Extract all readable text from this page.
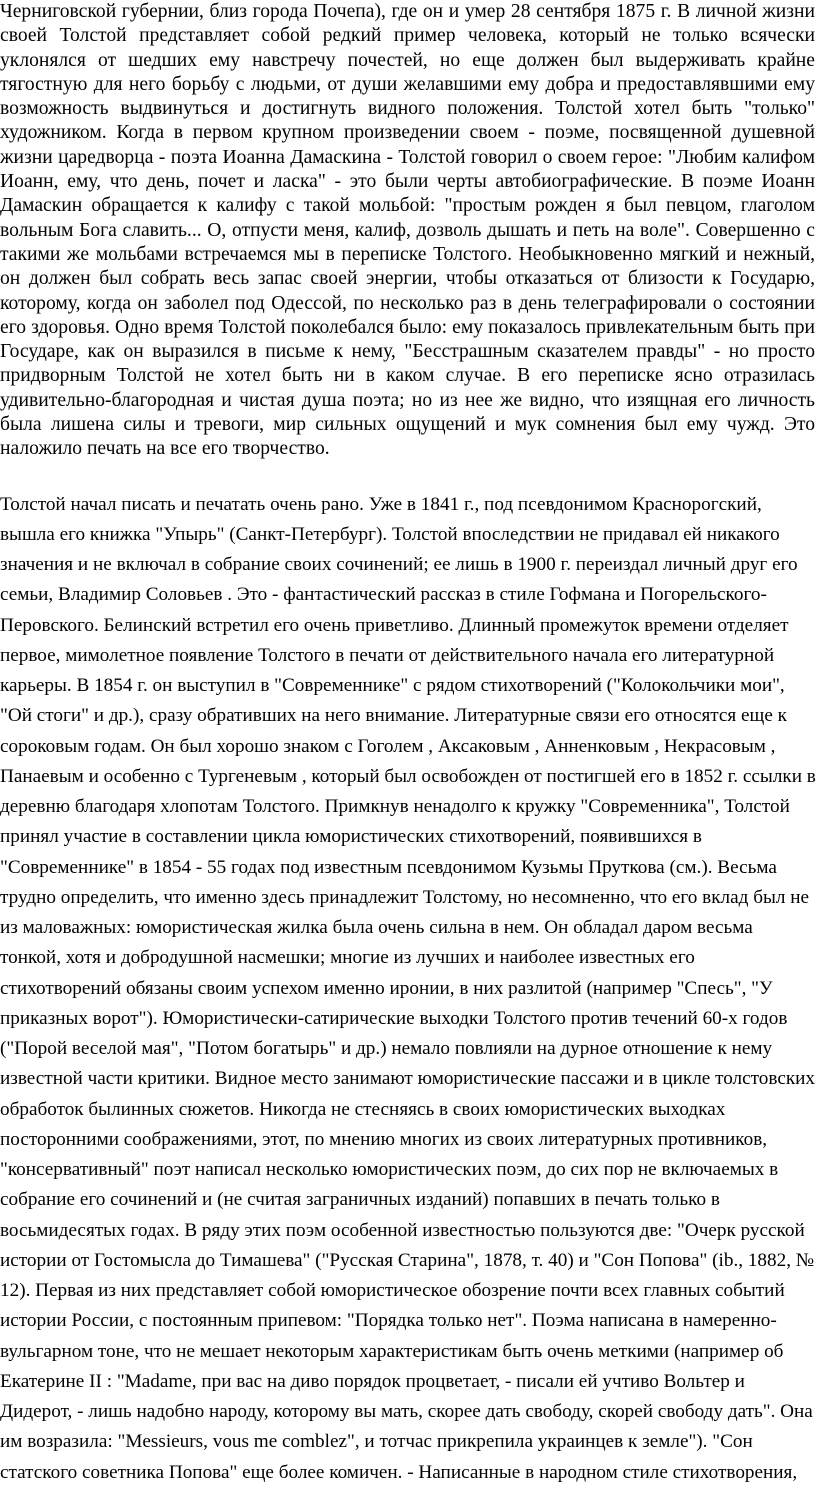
Черниговской губернии, близ города Почепа), где он и умер 28 сентября 1875 г. В личной жизни своей Толстой представляет собой редкий пример человека, который не только всячески уклонялся от шедших ему навстречу почестей, но еще должен был выдерживать крайне тягостную для него борьбу с людьми, от души желавшими ему добра и предоставлявшими ему возможность выдвинуться и достигнуть видного положения. Толстой хотел быть "только" художником. Когда в первом крупном произведении своем - поэме, посвященной душевной жизни царедворца - поэта Иоанна Дамаскина - Толстой говорил о своем герое: "Любим калифом Иоанн, ему, что день, почет и ласка" - это были черты автобиографические. В поэме Иоанн Дамаскин обращается к калифу с такой мольбой: "простым рожден я был певцом, глаголом вольным Бога славить... О, отпусти меня, калиф, дозволь дышать и петь на воле". Совершенно с такими же мольбами встречаемся мы в переписке Толстого. Необыкновенно мягкий и нежный, он должен был собрать весь запас своей энергии, чтобы отказаться от близости к Государю, которому, когда он заболел под Одессой, по несколько раз в день телеграфировали о состоянии его здоровья. Одно время Толстой поколебался было: ему показалось привлекательным быть при Государе, как он выразился в письме к нему, "Бесстрашным сказателем правды" - но просто придворным Толстой не хотел быть ни в каком случае. В его переписке ясно отразилась удивительно-благородная и чистая душа поэта; но из нее же видно, что изящная его личность была лишена силы и тревоги, мир сильных ощущений и мук сомнения был ему чужд. Это наложило печать на все его творчество.

Толстой начал писать и печатать очень рано. Уже в 1841 г., под псевдонимом Краснорогский, вышла его книжка "Упырь" (Санкт-Петербург). Толстой впоследствии не придавал ей никакого значения и не включал в собрание своих сочинений; ее лишь в 1900 г. переиздал личный друг его семьи, Владимир Соловьев . Это - фантастический рассказ в стиле Гофмана и Погорельского-Перовского. Белинский встретил его очень приветливо. Длинный промежуток времени отделяет первое, мимолетное появление Толстого в печати от действительного начала его литературной карьеры. В 1854 г. он выступил в "Современнике" с рядом стихотворений ("Колокольчики мои", "Ой стоги" и др.), сразу обративших на него внимание. Литературные связи его относятся еще к сороковым годам. Он был хорошо знаком с Гоголем , Аксаковым , Анненковым , Некрасовым , Панаевым и особенно с Тургеневым , который был освобожден от постигшей его в 1852 г. ссылки в деревню благодаря хлопотам Толстого. Примкнув ненадолго к кружку "Современника", Толстой принял участие в составлении цикла юмористических стихотворений, появившихся в "Современнике" в 1854 - 55 годах под известным псевдонимом Кузьмы Пруткова (см.). Весьма трудно определить, что именно здесь принадлежит Толстому, но несомненно, что его вклад был не из маловажных: юмористическая жилка была очень сильна в нем. Он обладал даром весьма тонкой, хотя и добродушной насмешки; многие из лучших и наиболее известных его стихотворений обязаны своим успехом именно иронии, в них разлитой (например "Спесь", "У приказных ворот"). Юмористически-сатирические выходки Толстого против течений 60-х годов ("Порой веселой мая", "Потом богатырь" и др.) немало повлияли на дурное отношение к нему известной части критики. Видное место занимают юмористические пассажи и в цикле толстовских обработок былинных сюжетов. Никогда не стесняясь в своих юмористических выходках посторонними соображениями, этот, по мнению многих из своих литературных противников, "консервативный" поэт написал несколько юмористических поэм, до сих пор не включаемых в собрание его сочинений и (не считая заграничных изданий) попавших в печать только в восьмидесятых годах. В ряду этих поэм особенной известностью пользуются две: "Очерк русской истории от Гостомысла до Тимашева" ("Русская Старина", 1878, т. 40) и "Сон Попова" (ib., 1882, № 12). Первая из них представляет собой юмористическое обозрение почти всех главных событий истории России, с постоянным припевом: "Порядка только нет". Поэма написана в намеренно-вульгарном тоне, что не мешает некоторым характеристикам быть очень меткими (например об Екатерине II : "Madame, при вас на диво порядок процветает, - писали ей учтиво Вольтер и Дидерот, - лишь надобно народу, которому вы мать, скорее дать свободу, скорей свободу дать". Она им возразила: "Messieurs, vous me comblez", и тотчас прикрепила украинцев к земле"). "Сон статского советника Попова" еще более комичен. - Написанные в народном стиле стихотворения,
